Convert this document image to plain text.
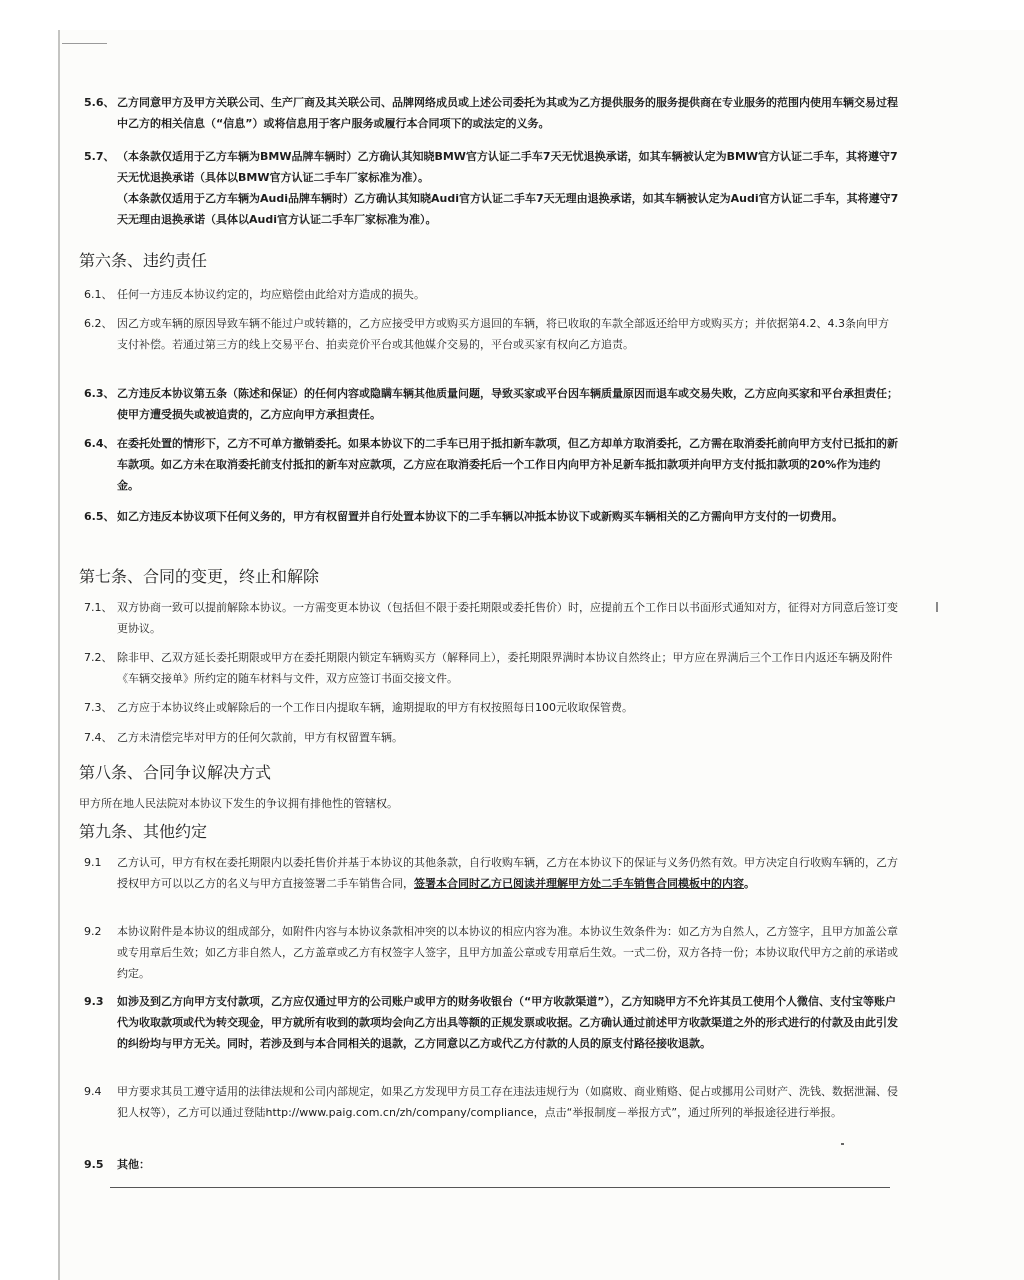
5.6、 乙方同意甲方及甲方关联公司、生产厂商及其关联公司、品牌网络成员或上述公司委托为其或为乙方提供服务的服务提供商在专业服务的范围内使用车辆交易过程中乙方的相关信息（“信息”）或将信息用于客户服务或履行本合同项下的或法定的义务。
5.7、 （本条款仅适用于乙方车辆为BMW品牌车辆时）乙方确认其知晓BMW官方认证二手车7天无忧退换承诺，如其车辆被认定为BMW官方认证二手车，其将遵守7天无忧退换承诺（具体以BMW官方认证二手车厂家标准为准）。
（本条款仅适用于乙方车辆为Audi品牌车辆时）乙方确认其知晓Audi官方认证二手车7天无理由退换承诺，如其车辆被认定为Audi官方认证二手车，其将遵守7天无理由退换承诺（具体以Audi官方认证二手车厂家标准为准）。
第六条、违约责任
6.1、 任何一方违反本协议约定的，均应赔偿由此给对方造成的损失。
6.2、 因乙方或车辆的原因导致车辆不能过户或转籍的，乙方应接受甲方或购买方退回的车辆，将已收取的车款全部返还给甲方或购买方；并依据第4.2、4.3条向甲方支付补偿。若通过第三方的线上交易平台、拍卖竞价平台或其他媒介交易的，平台或买家有权向乙方追责。
6.3、 乙方违反本协议第五条（陈述和保证）的任何内容或隐瞒车辆其他质量问题，导致买家或平台因车辆质量原因而退车或交易失败，乙方应向买家和平台承担责任；使甲方遭受损失或被追责的，乙方应向甲方承担责任。
6.4、 在委托处置的情形下，乙方不可单方撤销委托。如果本协议下的二手车已用于抵扣新车款项，但乙方却单方取消委托，乙方需在取消委托前向甲方支付已抵扣的新车款项。如乙方未在取消委托前支付抵扣的新车对应款项，乙方应在取消委托后一个工作日内向甲方补足新车抵扣款项并向甲方支付抵扣款项的20%作为违约金。
6.5、 如乙方违反本协议项下任何义务的，甲方有权留置并自行处置本协议下的二手车辆以冲抵本协议下或新购买车辆相关的乙方需向甲方支付的一切费用。
第七条、合同的变更，终止和解除
7.1、 双方协商一致可以提前解除本协议。一方需变更本协议（包括但不限于委托期限或委托售价）时，应提前五个工作日以书面形式通知对方，征得对方同意后签订变更协议。
7.2、 除非甲、乙双方延长委托期限或甲方在委托期限内锁定车辆购买方（解释同上），委托期限界满时本协议自然终止；甲方应在界满后三个工作日内返还车辆及附件《车辆交接单》所约定的随车材料与文件，双方应签订书面交接文件。
7.3、 乙方应于本协议终止或解除后的一个工作日内提取车辆，逾期提取的甲方有权按照每日100元收取保管费。
7.4、 乙方未清偿完毕对甲方的任何欠款前，甲方有权留置车辆。
第八条、合同争议解决方式
甲方所在地人民法院对本协议下发生的争议拥有排他性的管辖权。
第九条、其他约定
9.1 乙方认可，甲方有权在委托期限内以委托售价并基于本协议的其他条款，自行收购车辆，乙方在本协议下的保证与义务仍然有效。甲方决定自行收购车辆的，乙方授权甲方可以以乙方的名义与甲方直接签署二手车销售合同，签署本合同时乙方已阅读并理解甲方处二手车销售合同模板中的内容。
9.2 本协议附件是本协议的组成部分，如附件内容与本协议条款相冲突的以本协议的相应内容为准。本协议生效条件为：如乙方为自然人，乙方签字，且甲方加盖公章或专用章后生效；如乙方非自然人，乙方盖章或乙方有权签字人签字，且甲方加盖公章或专用章后生效。一式二份，双方各持一份；本协议取代甲方之前的承诺或约定。
9.3 如涉及到乙方向甲方支付款项，乙方应仅通过甲方的公司账户或甲方的财务收银台（“甲方收款渠道”），乙方知晓甲方不允许其员工使用个人微信、支付宝等账户代为收取款项或代为转交现金，甲方就所有收到的款项均会向乙方出具等额的正规发票或收据。乙方确认通过前述甲方收款渠道之外的形式进行的付款及由此引发的纠纷均与甲方无关。同时，若涉及到与本合同相关的退款，乙方同意以乙方或代乙方付款的人员的原支付路径接收退款。
9.4 甲方要求其员工遵守适用的法律法规和公司内部规定，如果乙方发现甲方员工存在违法违规行为（如腐败、商业贿赂、促占或挪用公司财产、洗钱、数据泄漏、侵犯人权等），乙方可以通过登陆http://www.paig.com.cn/zh/company/compliance，点击“举报制度－举报方式”，通过所列的举报途径进行举报。
9.5 其他：
